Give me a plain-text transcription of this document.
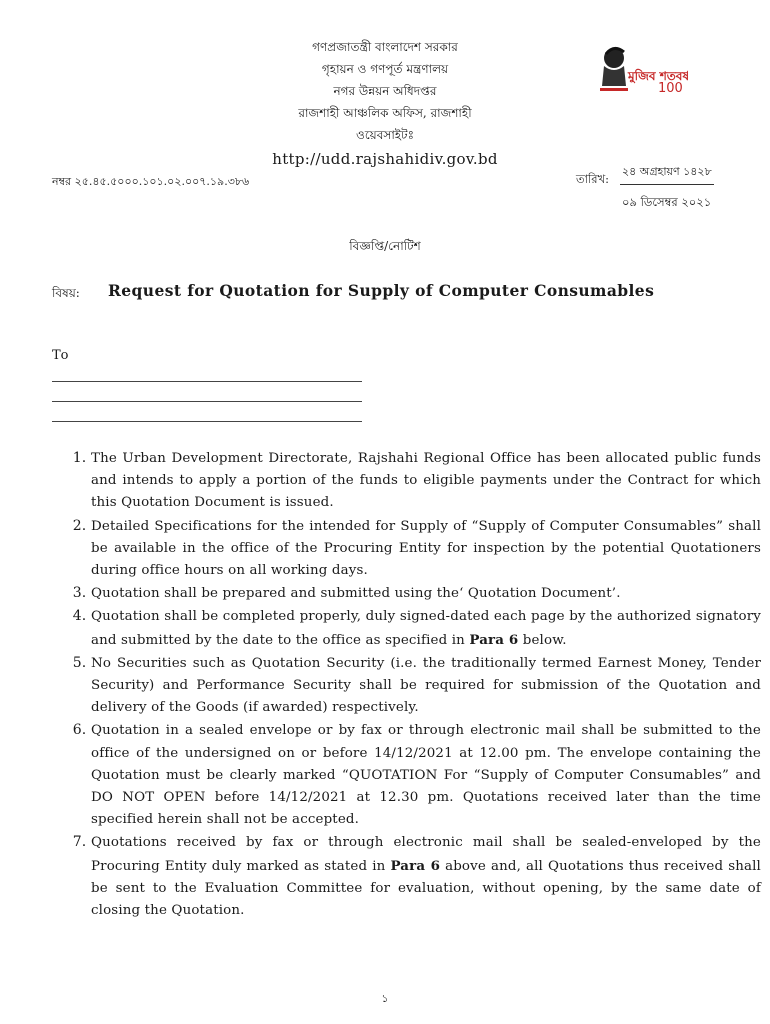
গণপ্রজাতন্ত্রী বাংলাদেশ সরকার
গৃহায়ন ও গণপূর্ত মন্ত্রণালয়
নগর উন্নয়ন অধিদপ্তর
রাজশাহী আঞ্চলিক অফিস, রাজশাহী
ওয়েবসাইটঃ
http://udd.rajshahidiv.gov.bd
মুজিব শতবর্ষ
100
নম্বর ২৫.৪৫.৫০০০.১০১.০২.০০৭.১৯.৩৮৬	তারিখ:
২৪ অগ্রহায়ণ ১৪২৮
০৯ ডিসেম্বর ২০২১
বিজ্ঞপ্তি/নোটিশ
বিষয়: Request for Quotation for Supply of Computer Consumables
To
1. The Urban Development Directorate, Rajshahi Regional Office has been allocated public funds and intends to apply a portion of the funds to eligible payments under the Contract for which this Quotation Document is issued.
2. Detailed Specifications for the intended for Supply of “Supply of Computer Consumables” shall be available in the office of the Procuring Entity for inspection by the potential Quotationers during office hours on all working days.
3. Quotation shall be prepared and submitted using the‘ Quotation Document’.
4. Quotation shall be completed properly, duly signed-dated each page by the authorized signatory and submitted by the date to the office as specified in Para 6 below.
5. No Securities such as Quotation Security (i.e. the traditionally termed Earnest Money, Tender Security) and Performance Security shall be required for submission of the Quotation and delivery of the Goods (if awarded) respectively.
6. Quotation in a sealed envelope or by fax or through electronic mail shall be submitted to the office of the undersigned on or before 14/12/2021 at 12.00 pm. The envelope containing the Quotation must be clearly marked “QUOTATION For “Supply of Computer Consumables” and DO NOT OPEN before 14/12/2021 at 12.30 pm. Quotations received later than the time specified herein shall not be accepted.
7. Quotations received by fax or through electronic mail shall be sealed-enveloped by the Procuring Entity duly marked as stated in Para 6 above and, all Quotations thus received shall be sent to the Evaluation Committee for evaluation, without opening, by the same date of closing the Quotation.
১
